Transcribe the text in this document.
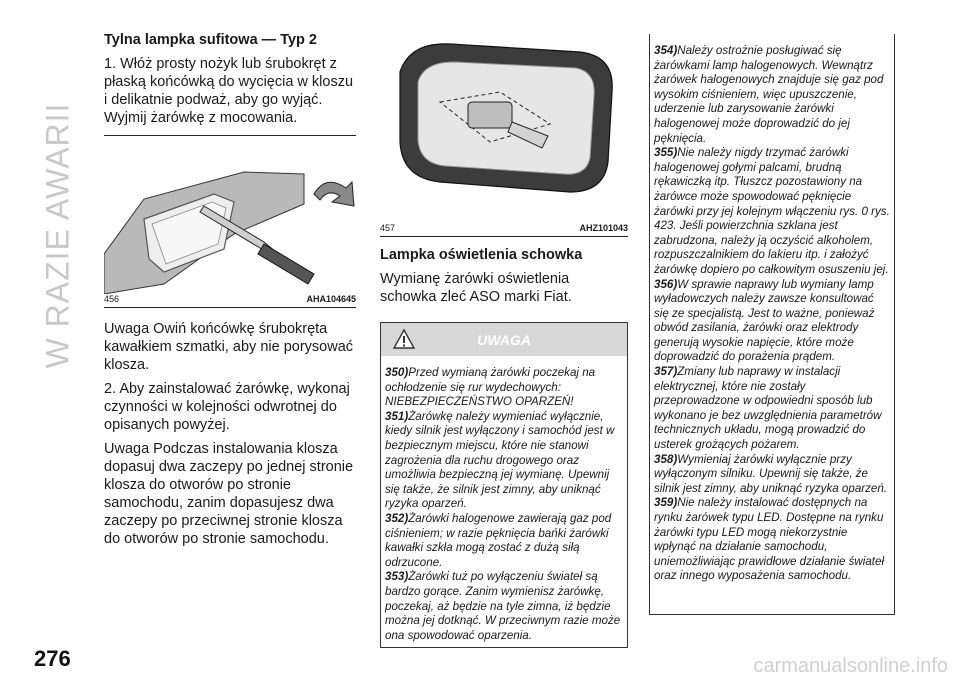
W RAZIE AWARII

Tylna lampka sufitowa — Typ 2

1. Włóż prosty nożyk lub śrubokręt z płaską końcówką do wycięcia w kloszu i delikatnie podważ, aby go wyjąć. Wyjmij żarówkę z mocowania.

456	AHA104645

Uwaga Owiń końcówkę śrubokręta kawałkiem szmatki, aby nie porysować klosza.

2. Aby zainstalować żarówkę, wykonaj czynności w kolejności odwrotnej do opisanych powyżej.

Uwaga Podczas instalowania klosza dopasuj dwa zaczepy po jednej stronie klosza do otworów po stronie samochodu, zanim dopasujesz dwa zaczepy po przeciwnej stronie klosza do otworów po stronie samochodu.

457	AHZ101043

Lampka oświetlenia schowka

Wymianę żarówki oświetlenia schowka zleć ASO marki Fiat.

UWAGA

350)Przed wymianą żarówki poczekaj na ochłodzenie się rur wydechowych: NIEBEZPIECZEŃSTWO OPARZEŃ!

351)Żarówkę należy wymieniać wyłącznie, kiedy silnik jest wyłączony i samochód jest w bezpiecznym miejscu, które nie stanowi zagrożenia dla ruchu drogowego oraz umożliwia bezpieczną jej wymianę. Upewnij się także, że silnik jest zimny, aby uniknąć ryzyka oparzeń.

352)Żarówki halogenowe zawierają gaz pod ciśnieniem; w razie pęknięcia bańki żarówki kawałki szkła mogą zostać z dużą siłą odrzucone.

353)Żarówki tuż po wyłączeniu świateł są bardzo gorące. Zanim wymienisz żarówkę, poczekaj, aż będzie na tyle zimna, iż będzie można jej dotknąć. W przeciwnym razie może ona spowodować oparzenia.

354)Należy ostrożnie posługiwać się żarówkami lamp halogenowych. Wewnątrz żarówek halogenowych znajduje się gaz pod wysokim ciśnieniem, więc upuszczenie, uderzenie lub zarysowanie żarówki halogenowej może doprowadzić do jej pęknięcia.

355)Nie należy nigdy trzymać żarówki halogenowej gołymi palcami, brudną rękawiczką itp. Tłuszcz pozostawiony na żarówce może spowodować pęknięcie żarówki przy jej kolejnym włączeniu rys. 0 rys. 423. Jeśli powierzchnia szklana jest zabrudzona, należy ją oczyścić alkoholem, rozpuszczalnikiem do lakieru itp. i założyć żarówkę dopiero po całkowitym osuszeniu jej.

356)W sprawie naprawy lub wymiany lamp wyładowczych należy zawsze konsultować się ze specjalistą. Jest to ważne, ponieważ obwód zasilania, żarówki oraz elektrody generują wysokie napięcie, które może doprowadzić do porażenia prądem.

357)Zmiany lub naprawy w instalacji elektrycznej, które nie zostały przeprowadzone w odpowiedni sposób lub wykonano je bez uwzględnienia parametrów technicznych układu, mogą prowadzić do usterek grożących pożarem.

358)Wymieniaj żarówki wyłącznie przy wyłączonym silniku. Upewnij się także, że silnik jest zimny, aby uniknąć ryzyka oparzeń.

359)Nie należy instalować dostępnych na rynku żarówek typu LED. Dostępne na rynku żarówki typu LED mogą niekorzystnie wpłynąć na działanie samochodu, uniemożliwiając prawidłowe działanie świateł oraz innego wyposażenia samochodu.

276	carmanualsonline.info
